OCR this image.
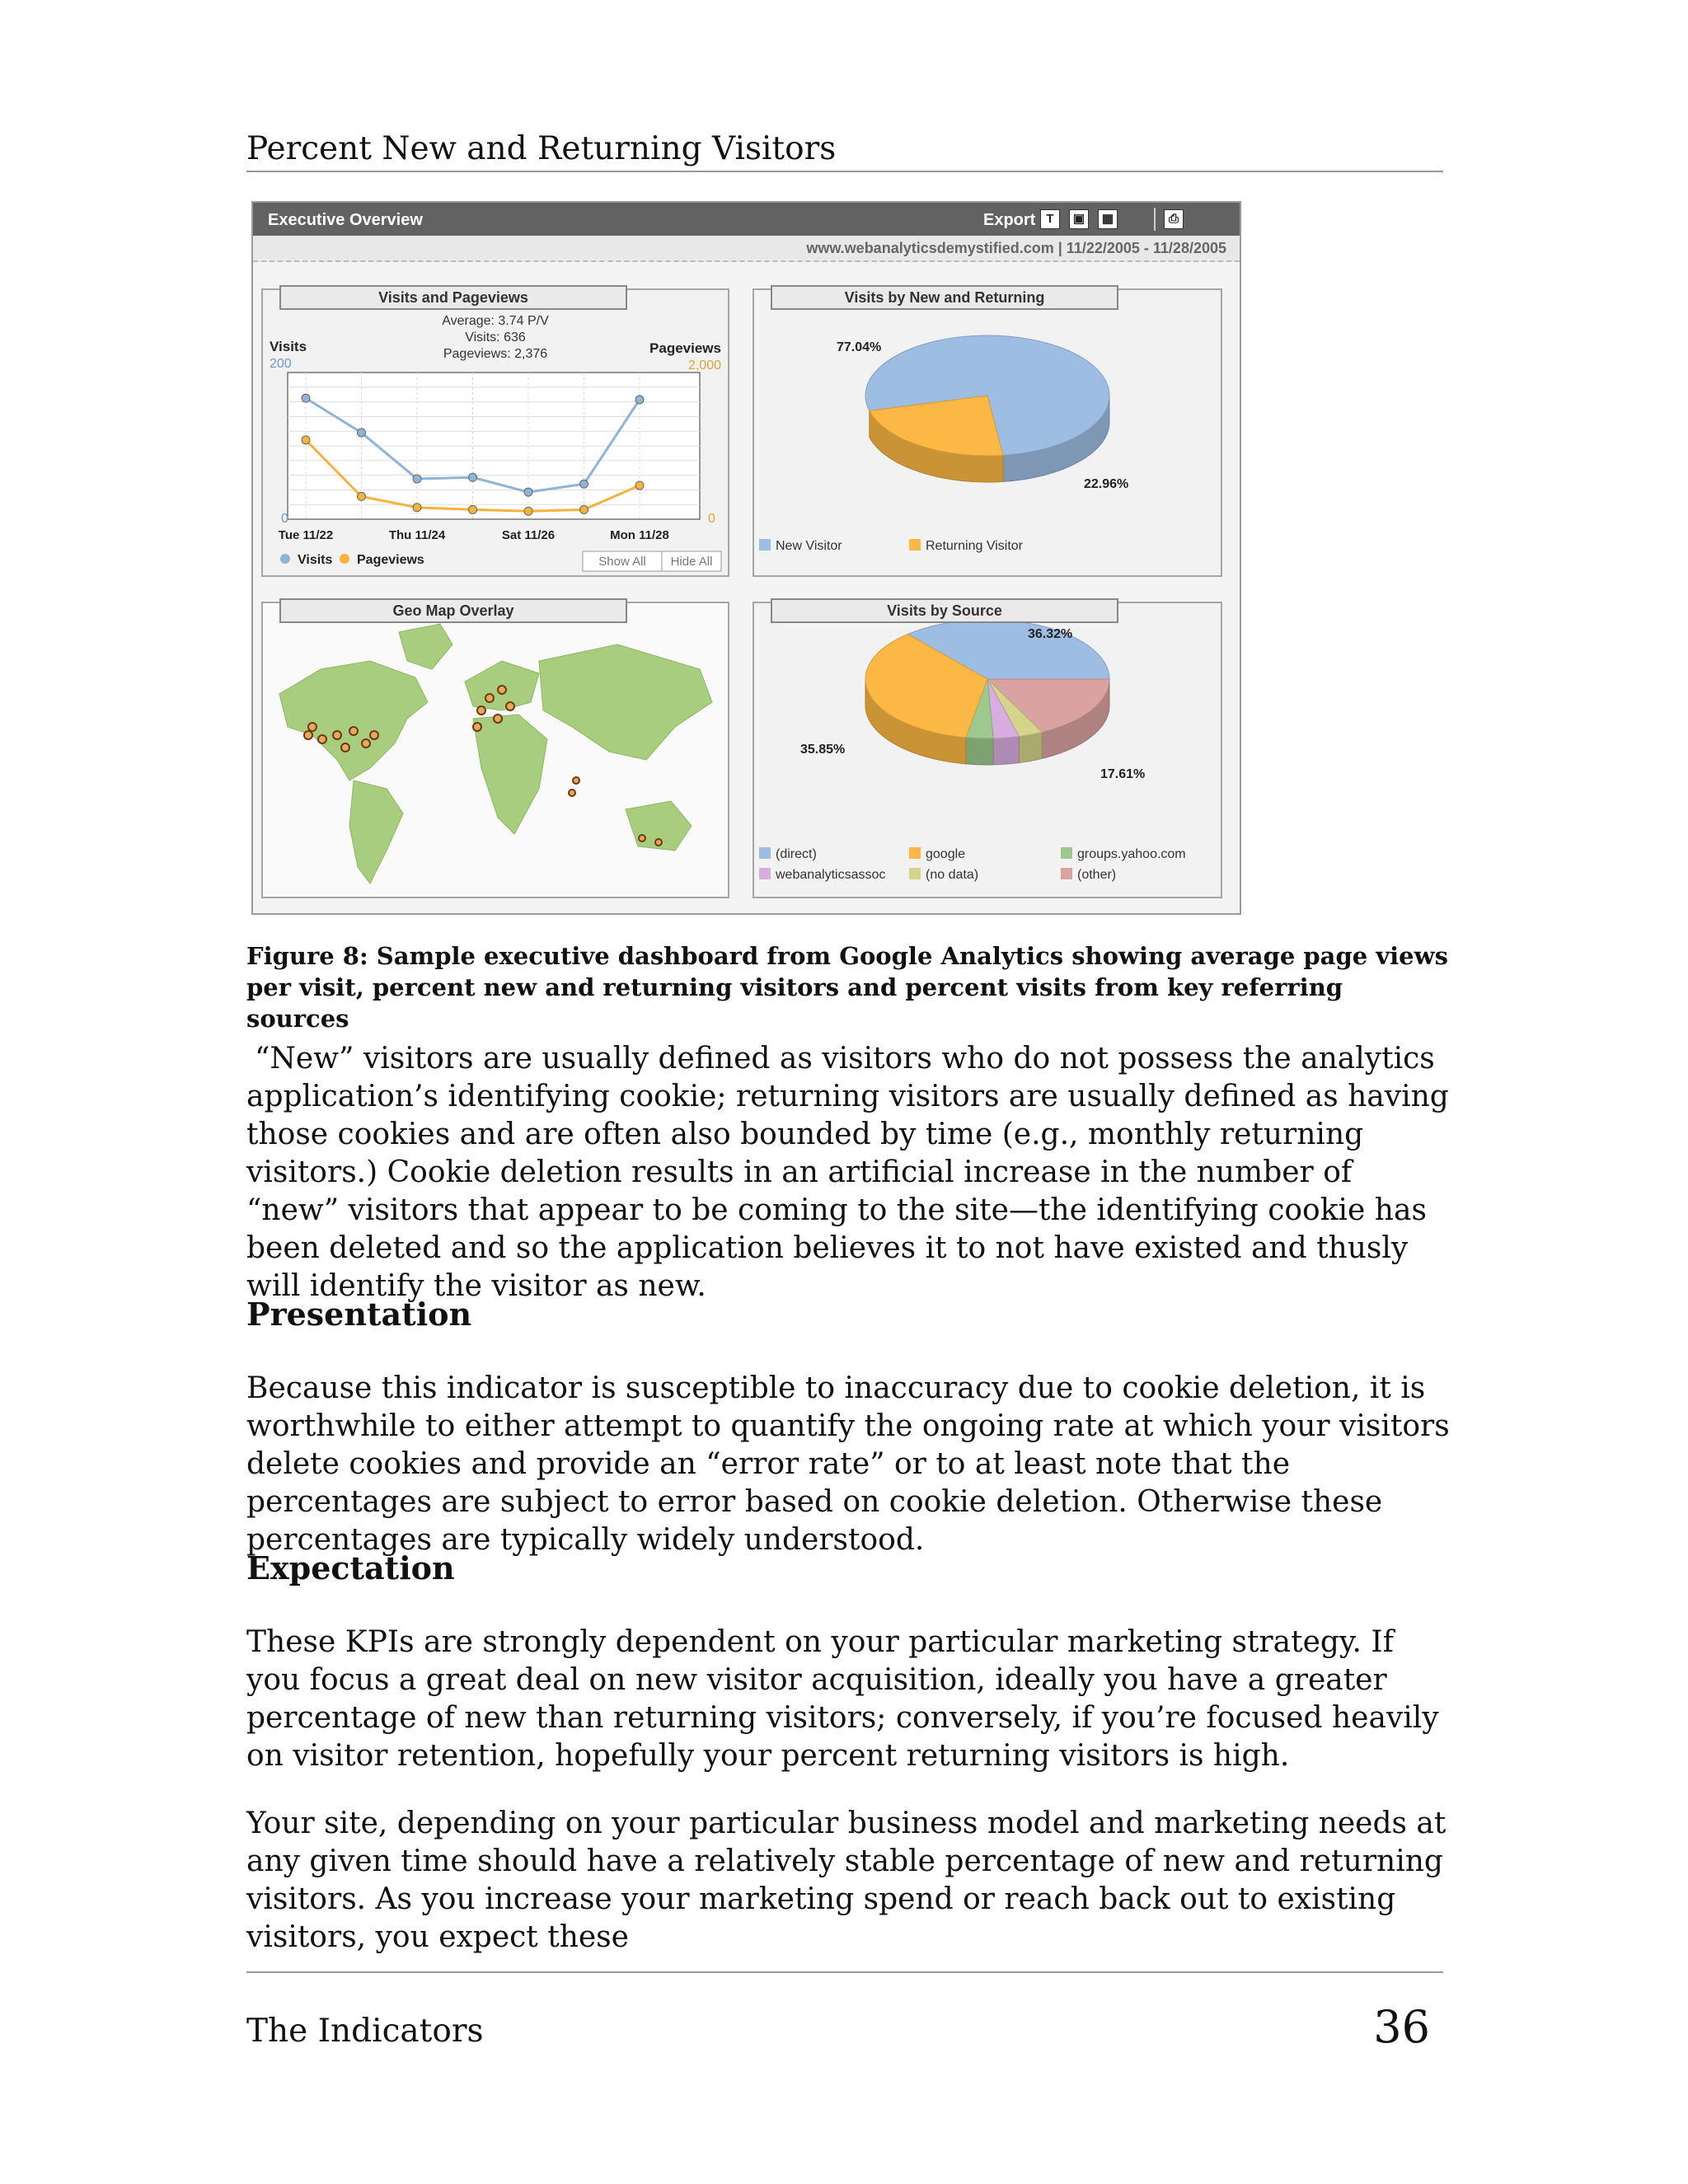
Percent New and Returning Visitors
Executive Overview	Export T	▣	▦	⎙
www.webanalyticsdemystified.com | 11/22/2005 - 11/28/2005
Visits
200
0
Pageviews
2,000
0
Average: 3.74 P/V
Visits: 636
Pageviews: 2,376
Tue 11/22	Thu 11/24	Sat 11/26	Mon 11/28
Visits Pageviews	Show All Hide All
Visits and Pageviews
77.04%
22.96%
New Visitor	Returning Visitor
Visits by New and Returning
Geo Map Overlay
36.32%
35.85%
17.61%
(direct)	google	groups.yahoo.com
webanalyticsassoc	(no data)	(other)
Visits by Source
Figure 8: Sample executive dashboard from Google Analytics showing average page views per visit, percent new and returning visitors and percent visits from key referring sources
“New” visitors are usually defined as visitors who do not possess the analytics application’s identifying cookie; returning visitors are usually defined as having those cookies and are often also bounded by time (e.g., monthly returning visitors.) Cookie deletion results in an artificial increase in the number of “new” visitors that appear to be coming to the site—the identifying cookie has been deleted and so the application believes it to not have existed and thusly will identify the visitor as new.
Presentation
Because this indicator is susceptible to inaccuracy due to cookie deletion, it is worthwhile to either attempt to quantify the ongoing rate at which your visitors delete cookies and provide an “error rate” or to at least note that the percentages are subject to error based on cookie deletion. Otherwise these percentages are typically widely understood.
Expectation
These KPIs are strongly dependent on your particular marketing strategy. If you focus a great deal on new visitor acquisition, ideally you have a greater percentage of new than returning visitors; conversely, if you’re focused heavily on visitor retention, hopefully your percent returning visitors is high.
Your site, depending on your particular business model and marketing needs at any given time should have a relatively stable percentage of new and returning visitors. As you increase your marketing spend or reach back out to existing visitors, you expect these
The Indicators	36
